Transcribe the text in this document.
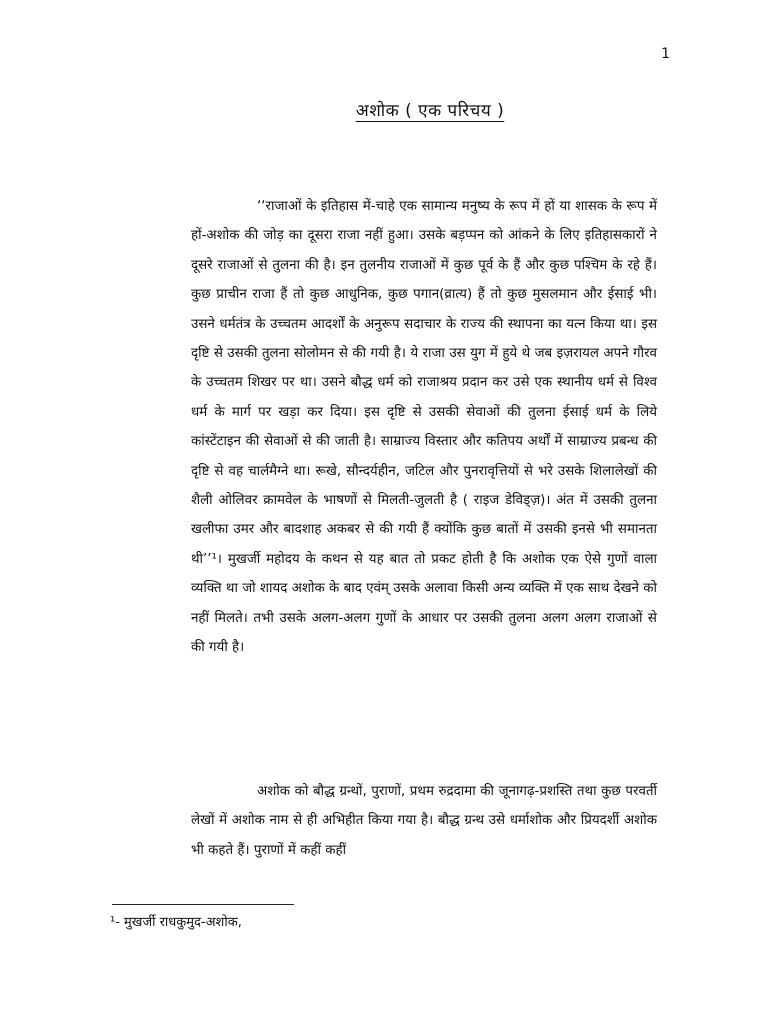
1
अशोक ( एक परिचय )

‘‘राजाओं के इतिहास में-चाहे एक सामान्य मनुष्य के रूप में हों या शासक के रूप में हों-अशोक की जोड़ का दूसरा राजा नहीं हुआ। उसके बड़प्पन को आंकने के लिए इतिहासकारों ने दूसरे राजाओं से तुलना की है। इन तुलनीय राजाओं में कुछ पूर्व के हैं और कुछ पश्चिम के रहे हैं। कुछ प्राचीन राजा हैं तो कुछ आधुनिक, कुछ पगान(व्रात्य) हैं तो कुछ मुसलमान और ईसाई भी। उसने धर्मतंत्र के उच्चतम आदर्शों के अनुरूप सदाचार के राज्य की स्थापना का यत्न किया था। इस दृष्टि से उसकी तुलना सोलोमन से की गयी है। ये राजा उस युग में हुये थे जब इज़रायल अपने गौरव के उच्चतम शिखर पर था। उसने बौद्ध धर्म को राजाश्रय प्रदान कर उसे एक स्थानीय धर्म से विश्व धर्म के मार्ग पर खड़ा कर दिया। इस दृष्टि से उसकी सेवाओं की तुलना ईसाई धर्म के लिये कांस्टेंटाइन की सेवाओं से की जाती है। साम्राज्य विस्तार और कतिपय अर्थों में साम्राज्य प्रबन्ध की दृष्टि से वह चार्लमैग्ने था। रूखे, सौन्दर्यहीन, जटिल और पुनरावृत्तियों से भरे उसके शिलालेखों की शैली ओलिवर क्रामवेल के भाषणों से मिलती-जुलती है ( राइज डेविड्ज़)। अंत में उसकी तुलना खलीफा उमर और बादशाह अकबर से की गयी हैं क्योंकि कुछ बातों में उसकी इनसे भी समानता थी’’¹। मुखर्जी महोदय के कथन से यह बात तो प्रकट होती है कि अशोक एक ऐसे गुणों वाला व्यक्ति था जो शायद अशोक के बाद एवंम् उसके अलावा किसी अन्य व्यक्ति में एक साथ देखने को नहीं मिलते। तभी उसके अलग-अलग गुणों के आधार पर उसकी तुलना अलग अलग राजाओं से की गयी है।

अशोक को बौद्ध ग्रन्थों, पुराणों, प्रथम रुद्रदामा की जूनागढ़-प्रशस्ति तथा कुछ परवर्ती लेखों में अशोक नाम से ही अभिहीत किया गया है। बौद्ध ग्रन्थ उसे धर्माशोक और प्रियदर्शी अशोक भी कहते हैं। पुराणों में कहीं कहीं

¹- मुखर्जी राधकुमुद-अशोक,
